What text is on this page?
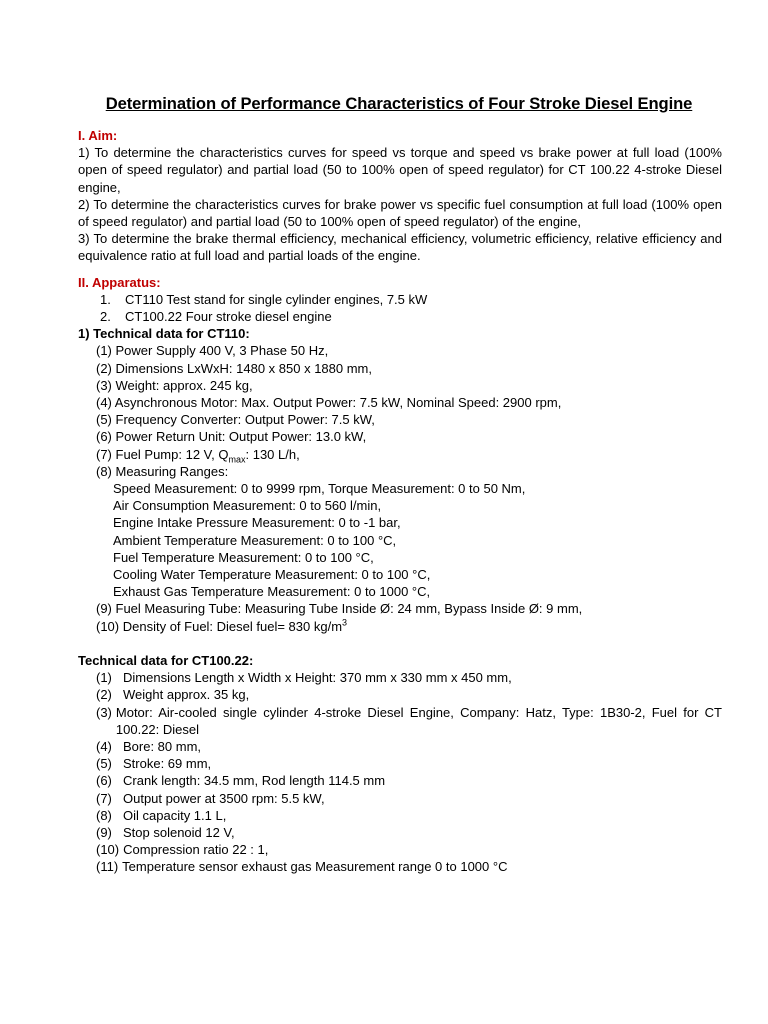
Determination of Performance Characteristics of Four Stroke Diesel Engine
I. Aim:
1) To determine the characteristics curves for speed vs torque and speed vs brake power at full load (100% open of speed regulator) and partial load (50 to 100% open of speed regulator) for CT 100.22 4-stroke Diesel engine,
2) To determine the characteristics curves for brake power vs specific fuel consumption at full load (100% open of speed regulator) and partial load (50 to 100% open of speed regulator) of the engine,
3) To determine the brake thermal efficiency, mechanical efficiency, volumetric efficiency, relative efficiency and equivalence ratio at full load and partial loads of the engine.
II. Apparatus:
1. CT110 Test stand for single cylinder engines, 7.5 kW
2. CT100.22 Four stroke diesel engine
1) Technical data for CT110:
(1) Power Supply 400 V, 3 Phase 50 Hz,
(2) Dimensions LxWxH: 1480 x 850 x 1880 mm,
(3) Weight: approx. 245 kg,
(4) Asynchronous Motor: Max. Output Power: 7.5 kW, Nominal Speed: 2900 rpm,
(5) Frequency Converter: Output Power: 7.5 kW,
(6) Power Return Unit: Output Power: 13.0 kW,
(7) Fuel Pump: 12 V, $Q_{max}$: 130 L/h,
(8) Measuring Ranges:
Speed Measurement: 0 to 9999 rpm, Torque Measurement: 0 to 50 Nm,
Air Consumption Measurement: 0 to 560 l/min,
Engine Intake Pressure Measurement: 0 to -1 bar,
Ambient Temperature Measurement: 0 to 100 °C,
Fuel Temperature Measurement: 0 to 100 °C,
Cooling Water Temperature Measurement: 0 to 100 °C,
Exhaust Gas Temperature Measurement: 0 to 1000 °C,
(9) Fuel Measuring Tube: Measuring Tube Inside Ø: 24 mm, Bypass Inside Ø: 9 mm,
(10) Density of Fuel: Diesel fuel= 830 $kg/m^3$
Technical data for CT100.22:
(1) Dimensions Length x Width x Height: 370 mm x 330 mm x 450 mm,
(2) Weight approx. 35 kg,
(3) Motor: Air-cooled single cylinder 4-stroke Diesel Engine, Company: Hatz, Type: 1B30-2, Fuel for CT 100.22: Diesel
(4) Bore: 80 mm,
(5) Stroke: 69 mm,
(6) Crank length: 34.5 mm, Rod length 114.5 mm
(7) Output power at 3500 rpm: 5.5 kW,
(8) Oil capacity 1.1 L,
(9) Stop solenoid 12 V,
(10) Compression ratio 22 : 1,
(11) Temperature sensor exhaust gas Measurement range 0 to 1000 °C
